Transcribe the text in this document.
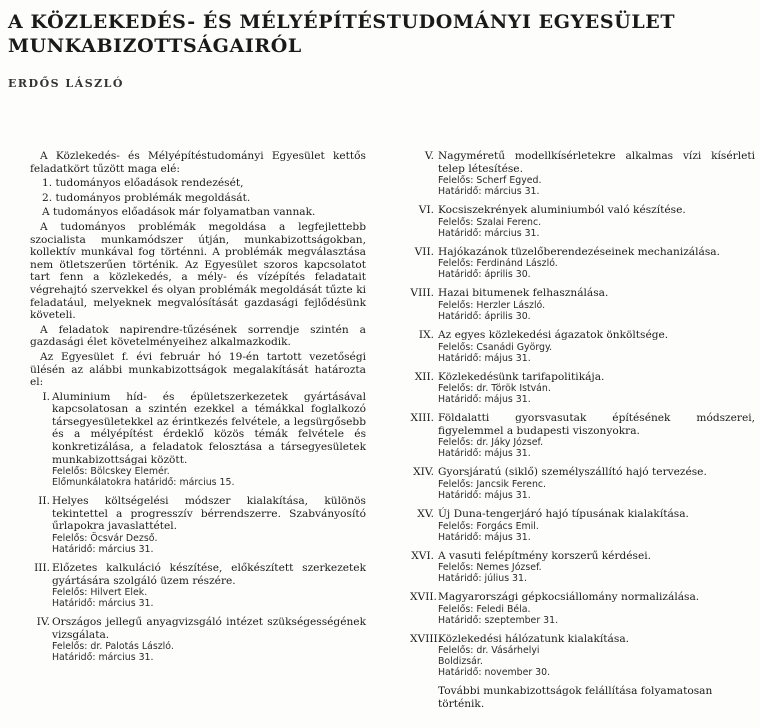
A KÖZLEKEDÉS- ÉS MÉLYÉPÍTÉSTUDOMÁNYI EGYESÜLET MUNKABIZOTTSÁGAIRÓL
ERDŐS LÁSZLÓ

A Közlekedés- és Mélyépítéstudományi Egyesület kettős feladatkört tűzött maga elé:

1. tudományos előadások rendezését,
2. tudományos problémák megoldását.
A tudományos előadások már folyamatban vannak.

A tudományos problémák megoldása a legfejlettebb szocialista munkamódszer útján, munkabizottságokban, kollektív munkával fog történni. A problémák megválasztása nem ötletszerűen történik. Az Egyesület szoros kapcsolatot tart fenn a közlekedés, a mély- és vízépítés feladatait végrehajtó szervekkel és olyan problémák megoldását tűzte ki feladatául, melyeknek megvalósítását gazdasági fejlődésünk követeli.

A feladatok napirendre-tűzésének sorrendje szintén a gazdasági élet követelményeihez alkalmazkodik.

Az Egyesület f. évi február hó 19-én tartott vezetőségi ülésén az alábbi munkabizottságok megalakítását határozta el:

I. Aluminium híd- és épületszerkezetek gyártásával kapcsolatosan a szintén ezekkel a témákkal foglalkozó társegyesületekkel az érintkezés felvétele, a legsürgősebb és a mélyépítést érdeklő közös témák felvétele és konkretizálása, a feladatok felosztása a társegyesületek munkabizottságai között.
Felelős: Bölcskey Elemér.
Előmunkálatokra határidő: március 15.
II. Helyes költségelési módszer kialakítása, különös tekintettel a progresszív bérrendszerre. Szabványosító űrlapokra javaslattétel.
Felelős: Öcsvár Dezső.
Határidő: március 31.
III. Előzetes kalkuláció készítése, előkészített szerkezetek gyártására szolgáló üzem részére.
Felelős: Hilvert Elek.
Határidő: március 31.
IV. Országos jellegű anyagvizsgáló intézet szükségességének vizsgálata.
Felelős: dr. Palotás László.
Határidő: március 31.
V. Nagyméretű modellkísérletekre alkalmas vízi kísérleti telep létesítése.
Felelős: Scherf Egyed.
Határidő: március 31.
VI. Kocsiszekrények aluminiumból való készítése.
Felelős: Szalai Ferenc.
Határidő: március 31.
VII. Hajókazánok tüzelőberendezéseinek mechanizálása.
Felelős: Ferdinánd László.
Határidő: április 30.
VIII. Hazai bitumenek felhasználása.
Felelős: Herzler László.
Határidő: április 30.
IX. Az egyes közlekedési ágazatok önköltsége.
Felelős: Csanádi György.
Határidő: május 31.
XII. Közlekedésünk tarifapolitikája.
Felelős: dr. Török István.
Határidő: május 31.
XIII. Földalatti gyorsvasutak építésének módszerei, figyelemmel a budapesti viszonyokra.
Felelős: dr. Jáky József.
Határidő: május 31.
XIV. Gyorsjáratú (siklő) személyszállító hajó tervezése.
Felelős: Jancsik Ferenc.
Határidő: május 31.
XV. Új Duna-tengerjáró hajó típusának kialakítása.
Felelős: Forgács Emil.
Határidő: május 31.
XVI. A vasuti felépítmény korszerű kérdései.
Felelős: Nemes József.
Határidő: július 31.
XVII. Magyarországi gépkocsiállomány normalizálása.
Felelős: Feledi Béla.
Határidő: szeptember 31.
XVIII.
Közlekedési hálózatunk kialakítása.
Felelős: dr. Vásárhelyi
Boldizsár.
Határidő: november 30.
További munkabizottságok felállítása folyamatosan történik.
